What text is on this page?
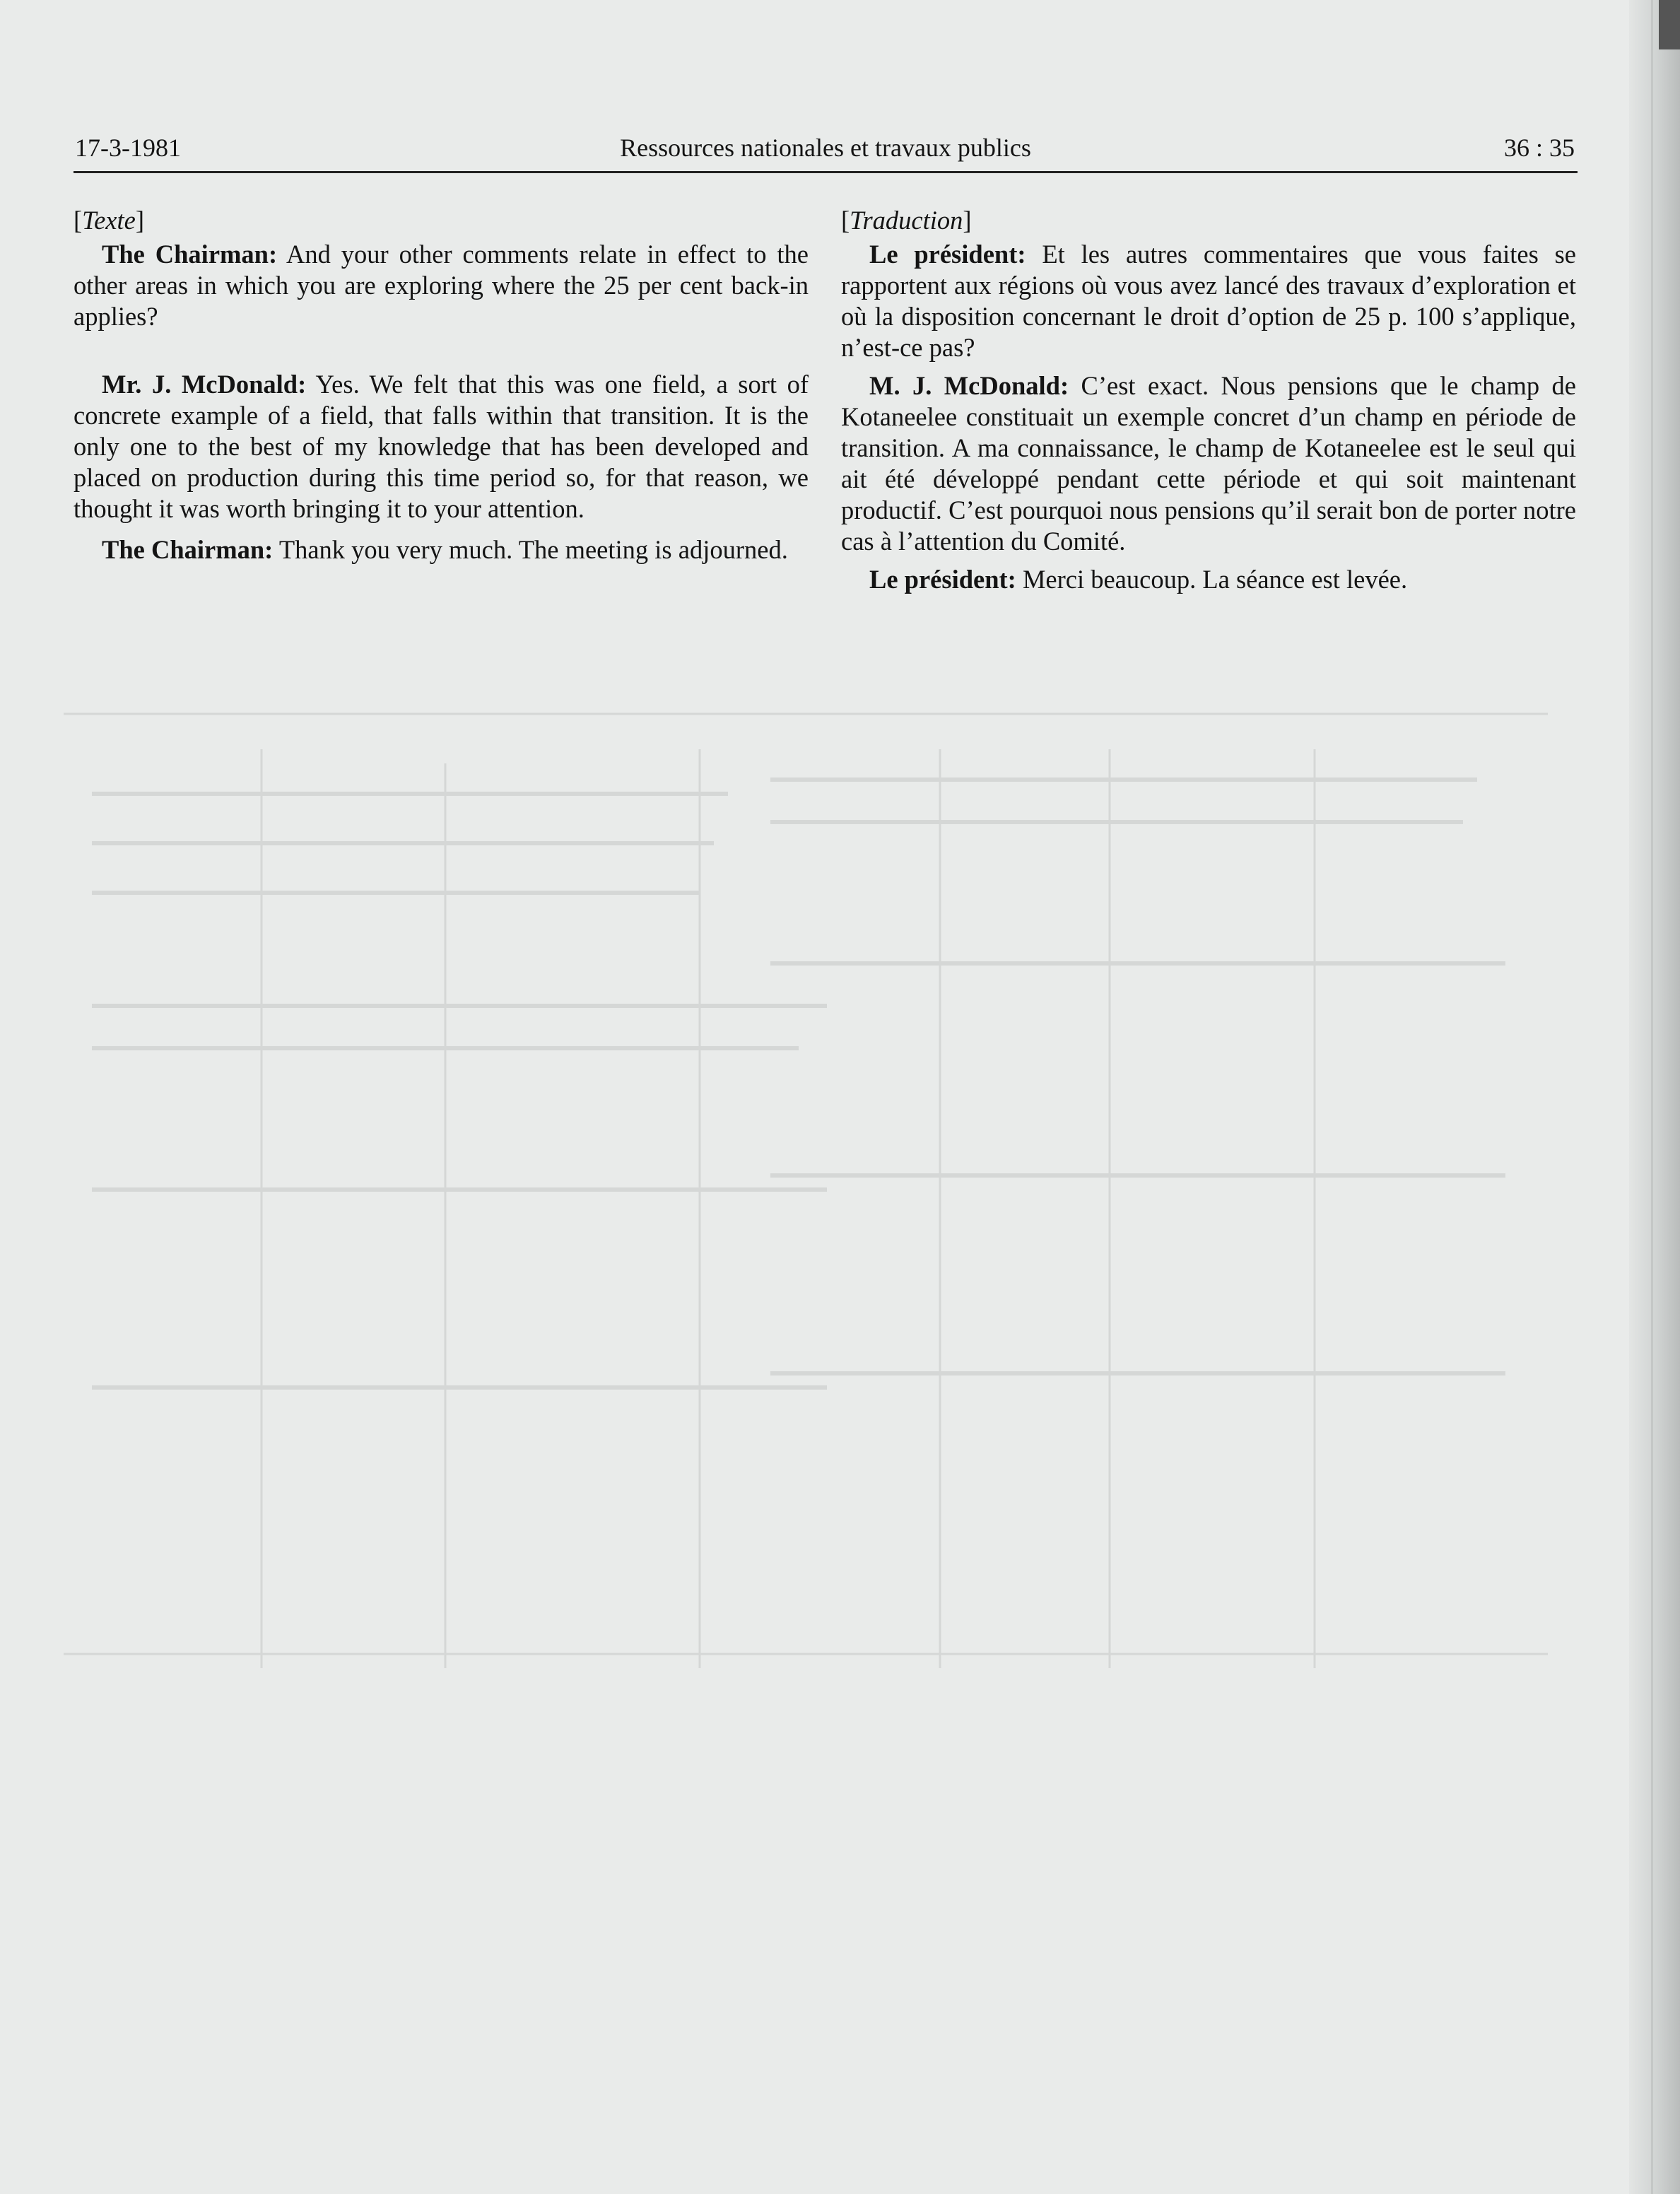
17-3-1981	Ressources nationales et travaux publics	36 : 35

[Texte]

The Chairman: And your other comments relate in effect to the other areas in which you are exploring where the 25 per cent back-in applies?

Mr. J. McDonald: Yes. We felt that this was one field, a sort of concrete example of a field, that falls within that transition. It is the only one to the best of my knowledge that has been developed and placed on production during this time period so, for that reason, we thought it was worth bringing it to your attention.

The Chairman: Thank you very much. The meeting is adjourned.

[Traduction]

Le président: Et les autres commentaires que vous faites se rapportent aux régions où vous avez lancé des travaux d’exploration et où la disposition concernant le droit d’option de 25 p. 100 s’applique, n’est-ce pas?

M. J. McDonald: C’est exact. Nous pensions que le champ de Kotaneelee constituait un exemple concret d’un champ en période de transition. A ma connaissance, le champ de Kotaneelee est le seul qui ait été développé pendant cette période et qui soit maintenant productif. C’est pourquoi nous pensions qu’il serait bon de porter notre cas à l’attention du Comité.

Le président: Merci beaucoup. La séance est levée.
